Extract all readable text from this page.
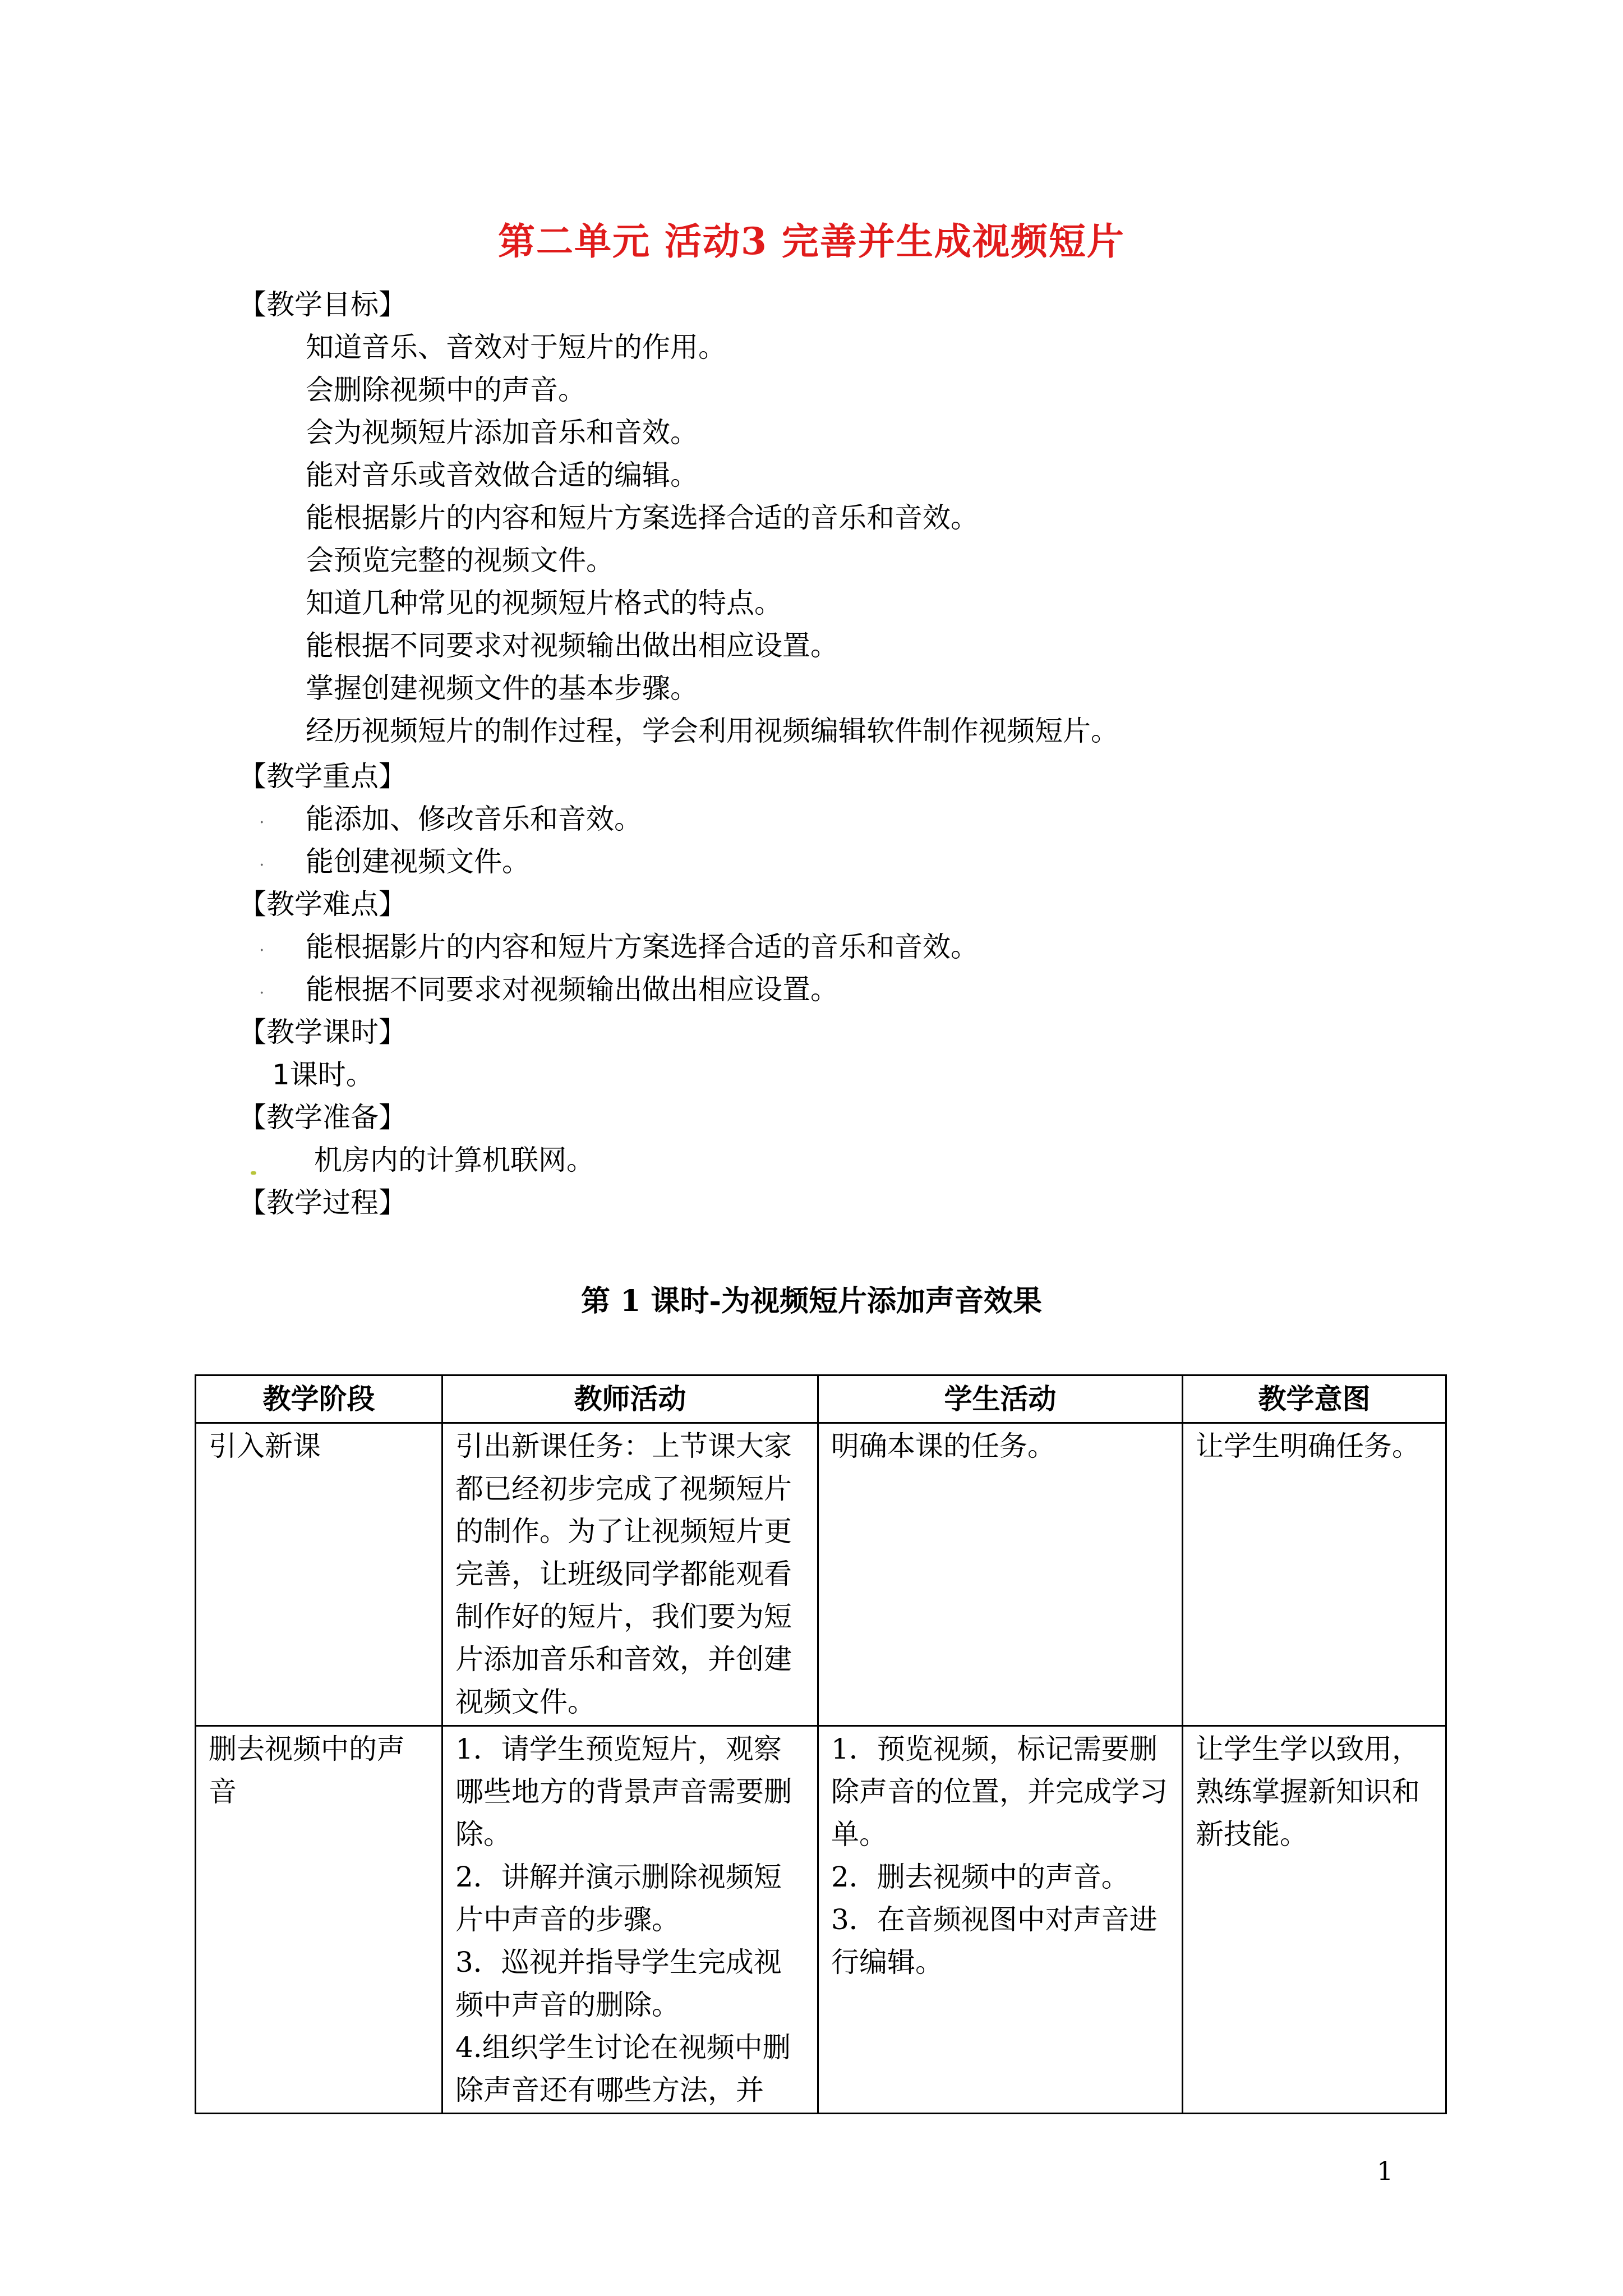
第二单元 活动3 完善并生成视频短片
【教学目标】
知道音乐、音效对于短片的作用。
会删除视频中的声音。
会为视频短片添加音乐和音效。
能对音乐或音效做合适的编辑。
能根据影片的内容和短片方案选择合适的音乐和音效。
会预览完整的视频文件。
知道几种常见的视频短片格式的特点。
能根据不同要求对视频输出做出相应设置。
掌握创建视频文件的基本步骤。
经历视频短片的制作过程，学会利用视频编辑软件制作视频短片。
【教学重点】
. 能添加、修改音乐和音效。
. 能创建视频文件。
【教学难点】
. 能根据影片的内容和短片方案选择合适的音乐和音效。
. 能根据不同要求对视频输出做出相应设置。
【教学课时】
1课时。
【教学准备】
机房内的计算机联网。
【教学过程】
第 1 课时-为视频短片添加声音效果
教学阶段	教师活动	学生活动	教学意图
引入新课	引出新课任务：上节课大家都已经初步完成了视频短片的制作。为了让视频短片更完善，让班级同学都能观看制作好的短片，我们要为短片添加音乐和音效，并创建视频文件。	明确本课的任务。	让学生明确任务。
删去视频中的声音	1．请学生预览短片，观察哪些地方的背景声音需要删除。
2．讲解并演示删除视频短片中声音的步骤。
3．巡视并指导学生完成视频中声音的删除。
4.组织学生讨论在视频中删除声音还有哪些方法，并	1．预览视频，标记需要删除声音的位置，并完成学习单。
2．删去视频中的声音。
3．在音频视图中对声音进行编辑。	让学生学以致用，熟练掌握新知识和新技能。
1
